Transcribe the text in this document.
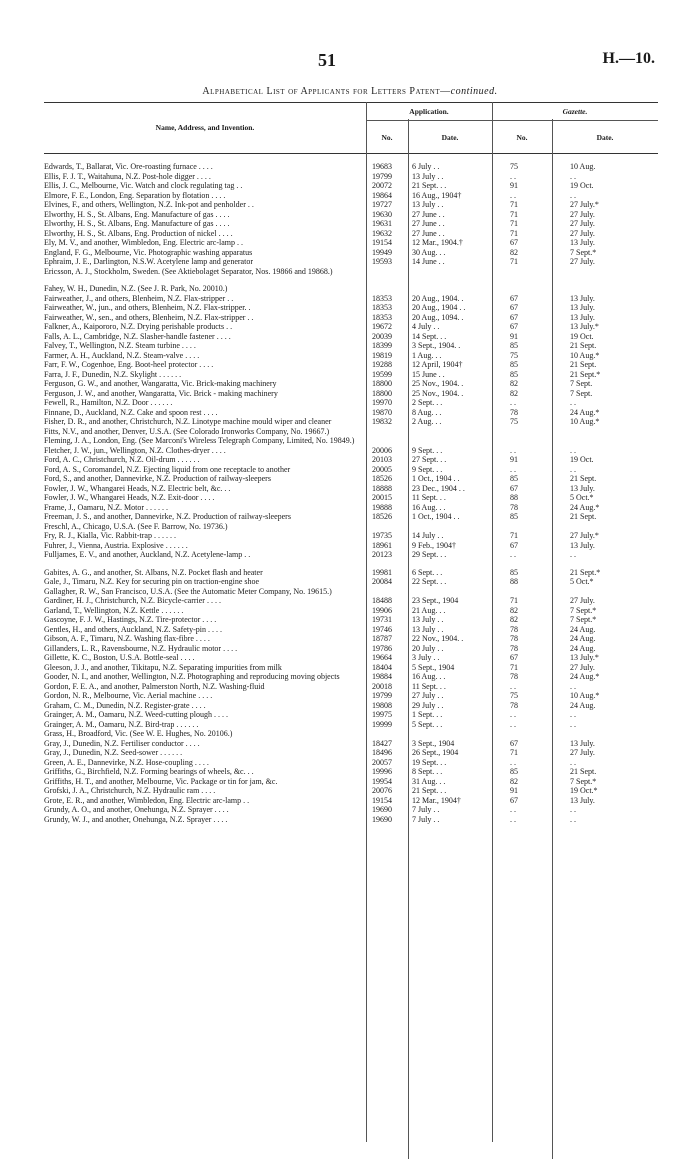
51	H.—10.
Alphabetical List of Applicants for Letters Patent—continued.
Name, Address, and Invention.
Application.	Gazette.
No.	Date.	No.	Date.
Edwards, T., Ballarat, Vic. Ore-roasting furnace . . . .	19683	6 July . .	75	10 Aug.
Ellis, F. J. T., Waitahuna, N.Z. Post-hole digger . . . .	19799	13 July . .	. .	. .
Ellis, J. C., Melbourne, Vic. Watch and clock regulating tag . .	20072	21 Sept. . .	91	19 Oct.
Elmore, F. E., London, Eng. Separation by flotation . . . .	19864	16 Aug., 1904†	. .	. .
Elvines, F., and others, Wellington, N.Z. Ink-pot and penholder . .	19727	13 July . .	71	27 July.*
Elworthy, H. S., St. Albans, Eng. Manufacture of gas . . . .	19630	27 June . .	71	27 July.
Elworthy, H. S., St. Albans, Eng. Manufacture of gas . . . .	19631	27 June . .	71	27 July.
Elworthy, H. S., St. Albans, Eng. Production of nickel . . . .	19632	27 June . .	71	27 July.
Ely, M. V., and another, Wimbledon, Eng. Electric arc-lamp . .	19154	12 Mar., 1904.†	67	13 July.
England, F. G., Melbourne, Vic. Photographic washing apparatus	19949	30 Aug. . .	82	7 Sept.*
Ephraim, J. E., Darlington, N.S.W. Acetylene lamp and generator	19593	14 June . .	71	27 July.
Ericsson, A. J., Stockholm, Sweden. (See Aktiebolaget Separator, Nos. 19866 and 19868.)
Fahey, W. H., Dunedin, N.Z. (See J. R. Park, No. 20010.)
Fairweather, J., and others, Blenheim, N.Z. Flax-stripper . .	18353	20 Aug., 1904. .	67	13 July.
Fairweather, W., jun., and others, Blenheim, N.Z. Flax-stripper. .	18353	20 Aug., 1904 . .	67	13 July.
Fairweather, W., sen., and others, Blenheim, N.Z. Flax-stripper . .	18353	20 Aug., 1094. .	67	13 July.
Falkner, A., Kaipororo, N.Z. Drying perishable products . .	19672	4 July . .	67	13 July.*
Falls, A. L., Cambridge, N.Z. Slasher-handle fastener . . . .	20039	14 Sept. . .	91	19 Oct.
Falvey, T., Wellington, N.Z. Steam turbine . . . .	18399	3 Sept., 1904. .	85	21 Sept.
Farmer, A. H., Auckland, N.Z. Steam-valve . . . .	19819	1 Aug. . .	75	10 Aug.*
Farr, F. W., Cogenhoe, Eng. Boot-heel protector . . . .	19288	12 April, 1904†	85	21 Sept.
Farra, J. F., Dunedin, N.Z. Skylight . . . . . .	19599	15 June . .	85	21 Sept.*
Ferguson, G. W., and another, Wangaratta, Vic. Brick-making machinery	18800	25 Nov., 1904. .	82	7 Sept.
Ferguson, J. W., and another, Wangaratta, Vic. Brick - making machinery	18800	25 Nov., 1904. .	82	7 Sept.
Fewell, R., Hamilton, N.Z. Door . . . . . .	19970	2 Sept. . .	. .	. .
Finnane, D., Auckland, N.Z. Cake and spoon rest . . . .	19870	8 Aug. . .	78	24 Aug.*
Fisher, D. R., and another, Christchurch, N.Z. Linotype machine mould wiper and cleaner	19832	2 Aug. . .	75	10 Aug.*
Fitts, N.V., and another, Denver, U.S.A. (See Colorado Ironworks Company, No. 19667.)
Fleming, J. A., London, Eng. (See Marconi's Wireless Telegraph Company, Limited, No. 19849.)
Fletcher, J. W., jun., Wellington, N.Z. Clothes-dryer . . . .	20006	9 Sept. . .	. .	. .
Ford, A. C., Christchurch, N.Z. Oil-drum . . . . . .	20103	27 Sept. . .	91	19 Oct.
Ford, A. S., Coromandel, N.Z. Ejecting liquid from one receptacle to another	20005	9 Sept. . .	. .	. .
Ford, S., and another, Dannevirke, N.Z. Production of railway-sleepers	18526	1 Oct., 1904 . .	85	21 Sept.
Fowler, J. W., Whangarei Heads, N.Z. Electric belt, &c. . .	18888	23 Dec., 1904 . .	67	13 July.
Fowler, J. W., Whangarei Heads, N.Z. Exit-door . . . .	20015	11 Sept. . .	88	5 Oct.*
Frame, J., Oamaru, N.Z. Motor . . . . . .	19888	16 Aug. . .	78	24 Aug.*
Freeman, J. S., and another, Dannevirke, N.Z. Production of railway-sleepers	18526	1 Oct., 1904 . .	85	21 Sept.
Freschl, A., Chicago, U.S.A. (See F. Barrow, No. 19736.)
Fry, R. J., Kialla, Vic. Rabbit-trap . . . . . .	19735	14 July . .	71	27 July.*
Fuhrer, J., Vienna, Austria. Explosive . . . . . .	18961	9 Feb., 1904†	67	13 July.
Fulljames, E. V., and another, Auckland, N.Z. Acetylene-lamp . .	20123	29 Sept. . .	. .	. .
Gabites, A. G., and another, St. Albans, N.Z. Pocket flash and heater	19981	6 Sept. . .	85	21 Sept.*
Gale, J., Timaru, N.Z. Key for securing pin on traction-engine shoe	20084	22 Sept. . .	88	5 Oct.*
Gallagher, R. W., San Francisco, U.S.A. (See the Automatic Meter Company, No. 19615.)
Gardiner, H. J., Christchurch, N.Z. Bicycle-carrier . . . .	18488	23 Sept., 1904	71	27 July.
Garland, T., Wellington, N.Z. Kettle . . . . . .	19906	21 Aug. . .	82	7 Sept.*
Gascoyne, F. J. W., Hastings, N.Z. Tire-protector . . . .	19731	13 July . .	82	7 Sept.*
Gentles, H., and others, Auckland, N.Z. Safety-pin . . . .	19746	13 July . .	78	24 Aug.
Gibson, A. F., Timaru, N.Z. Washing flax-fibre . . . .	18787	22 Nov., 1904. .	78	24 Aug.
Gillanders, L. R., Ravensbourne, N.Z. Hydraulic motor . . . .	19786	20 July . .	78	24 Aug.
Gillette, K. C., Boston, U.S.A. Bottle-seal . . . .	19664	3 July . .	67	13 July.*
Gleeson, J. J., and another, Tikitapu, N.Z. Separating impurities from milk	18404	5 Sept., 1904	71	27 July.
Gooder, N. I., and another, Wellington, N.Z. Photographing and reproducing moving objects	19884	16 Aug. . .	78	24 Aug.*
Gordon, F. E. A., and another, Palmerston North, N.Z. Washing-fluid	20018	11 Sept. . .	. .	. .
Gordon, N. R., Melbourne, Vic. Aerial machine . . . .	19799	27 July . .	75	10 Aug.*
Graham, C. M., Dunedin, N.Z. Register-grate . . . .	19808	29 July . .	78	24 Aug.
Grainger, A. M., Oamaru, N.Z. Weed-cutting plough . . . .	19975	1 Sept. . .	. .	. .
Grainger, A. M., Oamaru, N.Z. Bird-trap . . . . . .	19999	5 Sept. . .	. .	. .
Grass, H., Broadford, Vic. (See W. E. Hughes, No. 20106.)
Gray, J., Dunedin, N.Z. Fertiliser conductor . . . .	18427	3 Sept., 1904	67	13 July.
Gray, J., Dunedin, N.Z. Seed-sower . . . . . .	18496	26 Sept., 1904	71	27 July.
Green, A. E., Dannevirke, N.Z. Hose-coupling . . . .	20057	19 Sept. . .	. .	. .
Griffiths, G., Birchfield, N.Z. Forming bearings of wheels, &c. . .	19996	8 Sept. . .	85	21 Sept.
Griffiths, H. T., and another, Melbourne, Vic. Package or tin for jam, &c.	19954	31 Aug. . .	82	7 Sept.*
Grofski, J. A., Christchurch, N.Z. Hydraulic ram . . . .	20076	21 Sept. . .	91	19 Oct.*
Grote, E. R., and another, Wimbledon, Eng. Electric arc-lamp . .	19154	12 Mar., 1904†	67	13 July.
Grundy, A. O., and another, Onehunga, N.Z. Sprayer . . . .	19690	7 July . .	. .	. .
Grundy, W. J., and another, Onehunga, N.Z. Sprayer . . . .	19690	7 July . .	. .	. .
